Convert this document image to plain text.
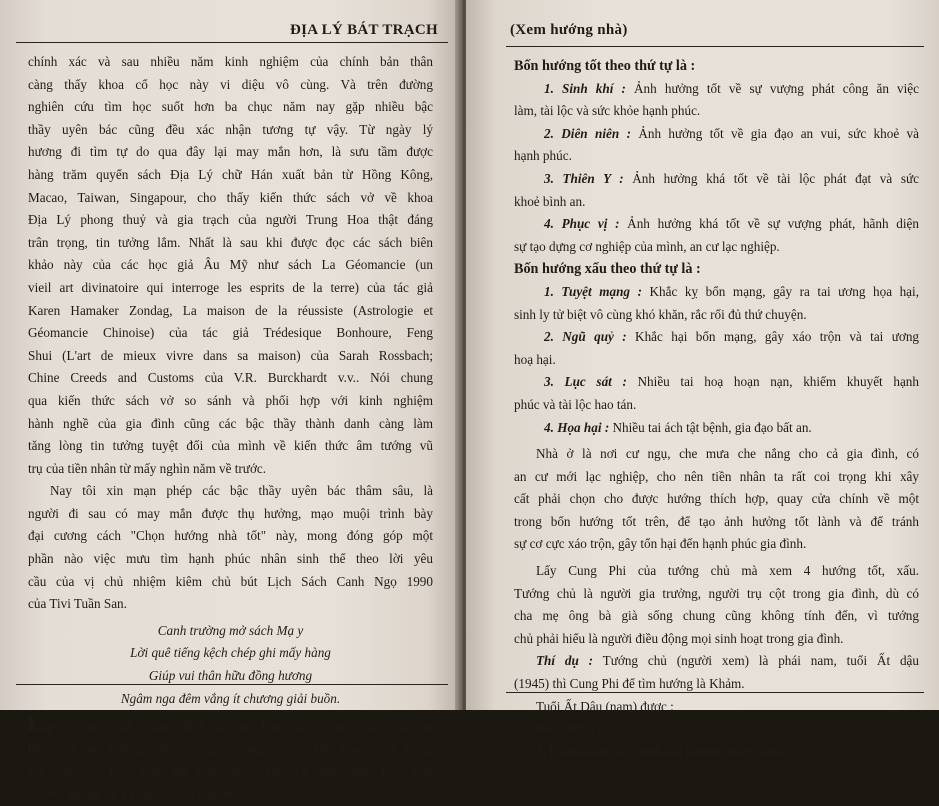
ĐỊA LÝ BÁT TRẠCH
chính xác và sau nhiều năm kinh nghiệm của chính bản thân
càng thấy khoa cổ học này vi diệu vô cùng. Và trên đường
nghiên cứu tìm học suốt hơn ba chục năm nay gặp nhiều bậc
thầy uyên bác cũng đều xác nhận tương tự vậy. Từ ngày lý
hương đi tìm tự do qua đây lại may mắn hơn, là sưu tầm được
hàng trăm quyển sách Địa Lý chữ Hán xuất bản từ Hồng Kông,
Macao, Taiwan, Singapour, cho thấy kiến thức sách vở về khoa
Địa Lý phong thuỷ và gia trạch của người Trung Hoa thật đáng
trân trọng, tin tưởng lắm. Nhất là sau khi được đọc các sách biên
khảo này của các học giả Âu Mỹ như sách La Géomancie (un
vieil art divinatoire qui interroge les esprits de la terre) của tác giả
Karen Hamaker Zondag, La maison de la réussiste (Astrologie et
Géomancie Chinoise) của tác giả Trédesique Bonhoure, Feng
Shui (L'art de mieux vivre dans sa maison) của Sarah Rossbach;
Chine Creeds and Customs của V.R. Burckhardt v.v.. Nói chung
qua kiến thức sách vở so sánh và phối hợp với kinh nghiệm
hành nghề của gia đình cũng các bậc thầy thành danh càng làm
tăng lòng tin tưởng tuyệt đối của mình về kiến thức âm tướng vũ
trụ của tiền nhân từ mấy nghìn năm về trước.
Nay tôi xin mạn phép các bậc thầy uyên bác thâm sâu, là
người đi sau có may mắn được thụ hưởng, mạo muội trình bày
đại cương cách "Chọn hướng nhà tốt" này, mong đóng góp một
phần nào việc mưu tìm hạnh phúc nhân sinh thể theo lời yêu
cầu của vị chủ nhiệm kiêm chủ bút Lịch Sách Canh Ngọ 1990
của Tivi Tuần San.
Canh trường mở sách Mạ y
Lời quê tiếng kệch chép ghi mấy hàng
Giúp vui thân hữu đồng hương
Ngâm nga đêm vắng ít chương giải buồn.
Lập hướng nhà cũng như hướng bàn giấy làm việc, hướng
bếp nấu ăn, hướng mồ mả, quầy hàng v.v... điều phải xem Cung
Phi của mỗi tuổi nam, nữ khác nhau. Mỗi cá nhân, mỗi tuổi điều
có bốn hướng tốt và bốn hướng xấu như sau :
(Xem hướng nhà)
Bốn hướng tốt theo thứ tự là :
1. Sinh khí : Ảnh hưởng tốt về sự vượng phát công ăn việc
làm, tài lộc và sức khỏe hạnh phúc.
2. Diên niên : Ảnh hưởng tốt về gia đạo an vui, sức khoẻ và
hạnh phúc.
3. Thiên Y : Ảnh hưởng khá tốt về tài lộc phát đạt và sức
khoẻ bình an.
4. Phục vị : Ảnh hưởng khá tốt về sự vượng phát, hãnh diện
sự tạo dựng cơ nghiệp của mình, an cư lạc nghiệp.
Bốn hướng xấu theo thứ tự là :
1. Tuyệt mạng : Khắc kỵ bổn mạng, gây ra tai ương họa hại,
sinh ly tử biệt vô cùng khó khăn, rắc rối đủ thứ chuyện.
2. Ngũ quỷ : Khắc hại bổn mạng, gây xáo trộn và tai ương
hoạ hại.
3. Lục sát : Nhiều tai hoạ hoạn nạn, khiếm khuyết hạnh
phúc và tài lộc hao tán.
4. Họa hại : Nhiều tai ách tật bệnh, gia đạo bất an.
Nhà ở là nơi cư ngụ, che mưa che nắng cho cả gia đình, có
an cư mới lạc nghiệp, cho nên tiền nhân ta rất coi trọng khi xây
cất phải chọn cho được hướng thích hợp, quay cửa chính về một
trong bốn hướng tốt trên, để tạo ảnh hưởng tốt lành và để tránh
sự cơ cực xáo trộn, gây tổn hại đến hạnh phúc gia đình.
Lấy Cung Phi của tướng chủ mà xem 4 hướng tốt, xấu.
Tướng chủ là người gia trưởng, người trụ cột trong gia đình, dù có
cha mẹ ông bà già sống chung cũng không tính đến, vì tướng
chủ phải hiểu là người điều động mọi sinh hoạt trong gia đình.
Thí dụ : Tướng chủ (người xem) là phái nam, tuổi Ất dậu
(1945) thì Cung Phi để tìm hướng là Khảm.
Tuổi Ất Dậu (nam) được :
Bốn hướng tốt :
1. Khảm biến tốn : Sinh khí (hướng đông nam)
